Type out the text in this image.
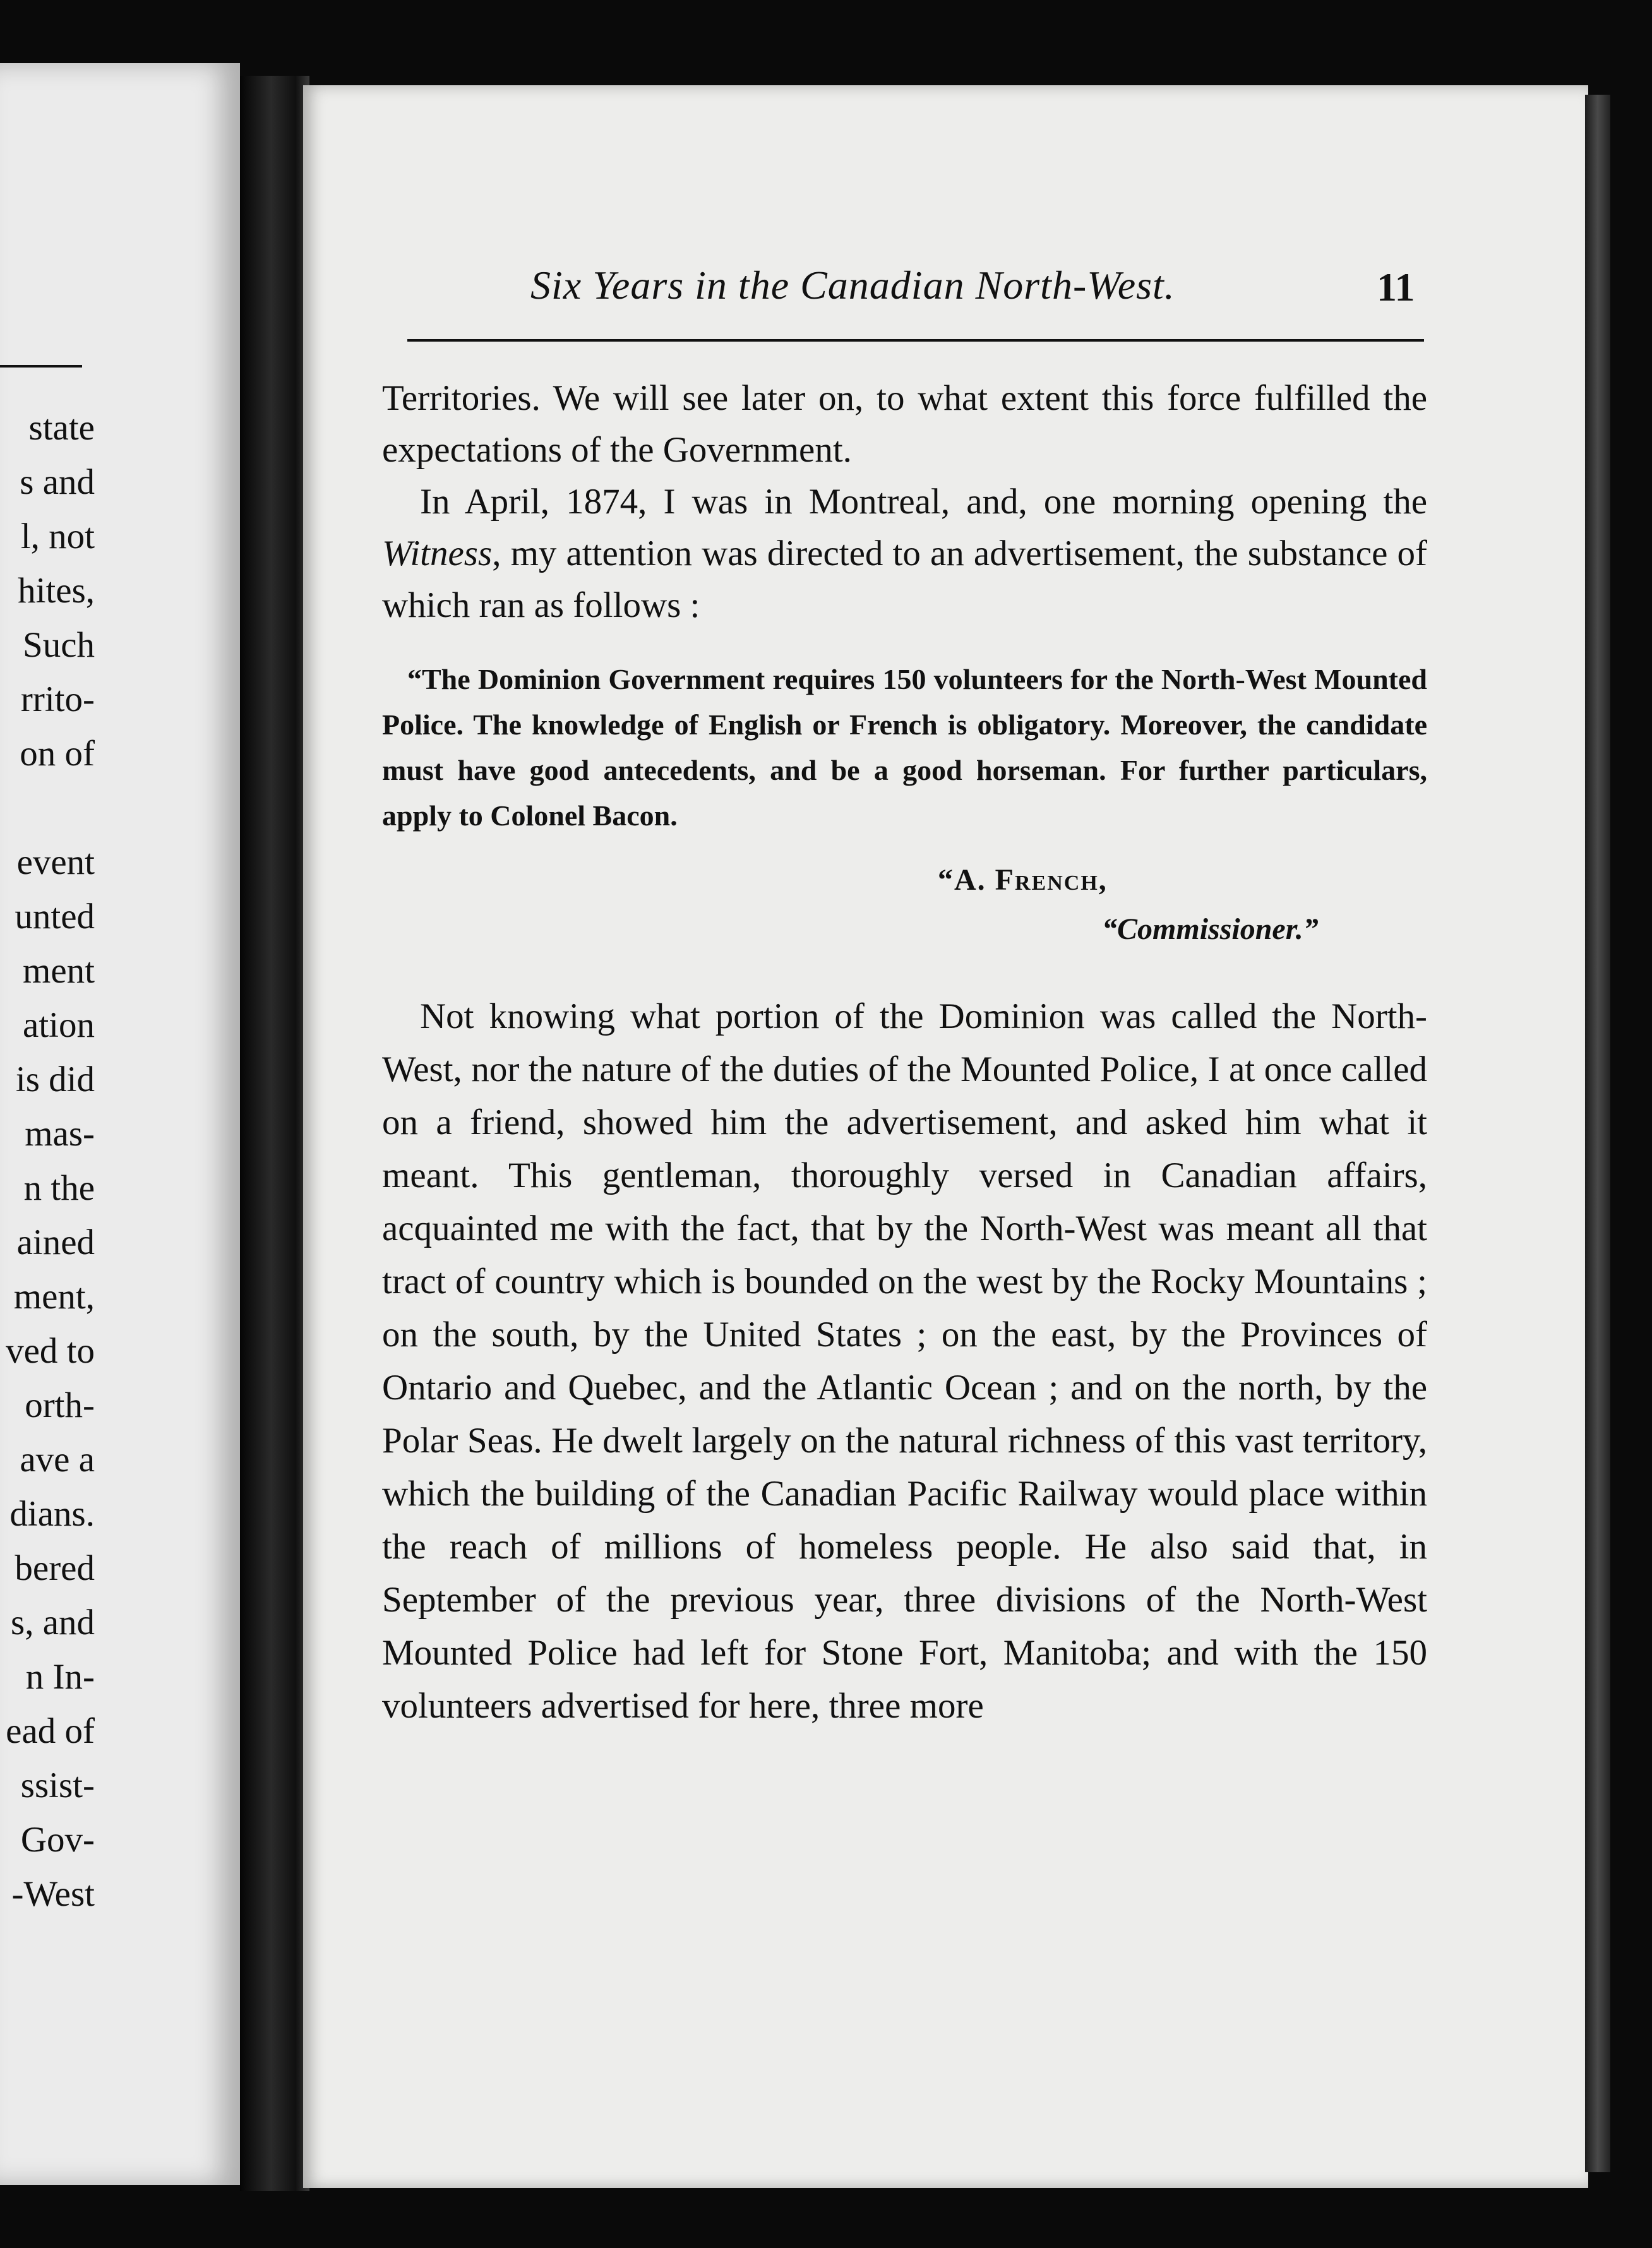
state
s and
l, not
hites,
Such
rrito-
on of
event
unted
ment
ation
is did
mas-
n the
ained
ment,
ved to
orth-
ave a
dians.
bered
s, and
n In-
ead of
ssist-
Gov-
-West
Six Years in the Canadian North-West.	11

Territories. We will see later on, to what extent this force fulfilled the expectations of the Government.

In April, 1874, I was in Montreal, and, one morning opening the Witness, my attention was directed to an advertisement, the substance of which ran as follows :

“The Dominion Government requires 150 volunteers for the North-West Mounted Police. The knowledge of English or French is obligatory. Moreover, the candidate must have good antecedents, and be a good horseman. For further particulars, apply to Colonel Bacon.

“A. French,

“Commissioner.”

Not knowing what portion of the Dominion was called the North-West, nor the nature of the duties of the Mounted Police, I at once called on a friend, showed him the advertisement, and asked him what it meant. This gentleman, thoroughly versed in Canadian affairs, acquainted me with the fact, that by the North-West was meant all that tract of country which is bounded on the west by the Rocky Mountains ; on the south, by the United States ; on the east, by the Provinces of Ontario and Quebec, and the Atlantic Ocean ; and on the north, by the Polar Seas. He dwelt largely on the natural richness of this vast territory, which the building of the Canadian Pacific Railway would place within the reach of millions of homeless people. He also said that, in September of the previous year, three divisions of the North-West Mounted Police had left for Stone Fort, Manitoba; and with the 150 volunteers advertised for here, three more
